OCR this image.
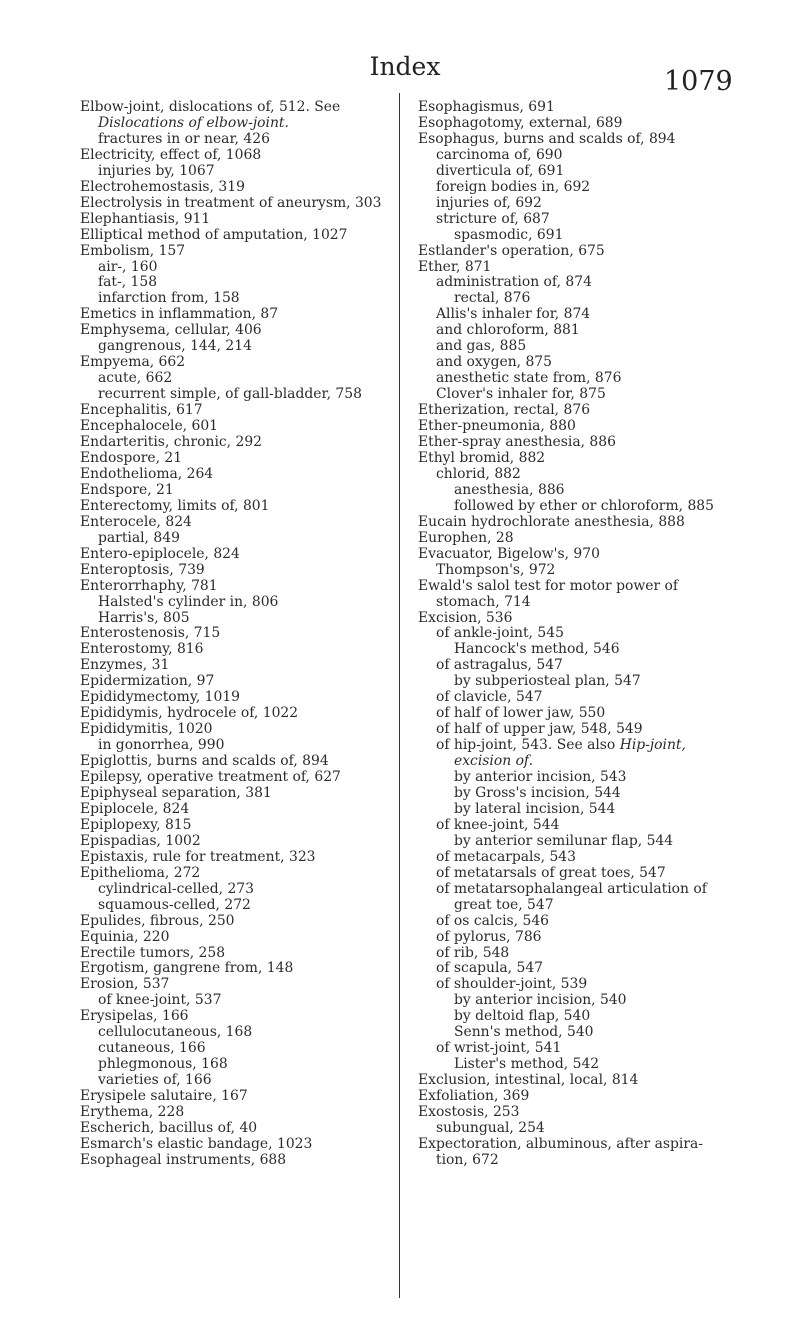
Index	1079
Elbow-joint, dislocations of, 512. See
Dislocations of elbow-joint.
fractures in or near, 426
Electricity, effect of, 1068
injuries by, 1067
Electrohemostasis, 319
Electrolysis in treatment of aneurysm, 303
Elephantiasis, 911
Elliptical method of amputation, 1027
Embolism, 157
air-, 160
fat-, 158
infarction from, 158
Emetics in inflammation, 87
Emphysema, cellular, 406
gangrenous, 144, 214
Empyema, 662
acute, 662
recurrent simple, of gall-bladder, 758
Encephalitis, 617
Encephalocele, 601
Endarteritis, chronic, 292
Endospore, 21
Endothelioma, 264
Endspore, 21
Enterectomy, limits of, 801
Enterocele, 824
partial, 849
Entero-epiplocele, 824
Enteroptosis, 739
Enterorrhaphy, 781
Halsted's cylinder in, 806
Harris's, 805
Enterostenosis, 715
Enterostomy, 816
Enzymes, 31
Epidermization, 97
Epididymectomy, 1019
Epididymis, hydrocele of, 1022
Epididymitis, 1020
in gonorrhea, 990
Epiglottis, burns and scalds of, 894
Epilepsy, operative treatment of, 627
Epiphyseal separation, 381
Epiplocele, 824
Epiplopexy, 815
Epispadias, 1002
Epistaxis, rule for treatment, 323
Epithelioma, 272
cylindrical-celled, 273
squamous-celled, 272
Epulides, fibrous, 250
Equinia, 220
Erectile tumors, 258
Ergotism, gangrene from, 148
Erosion, 537
of knee-joint, 537
Erysipelas, 166
cellulocutaneous, 168
cutaneous, 166
phlegmonous, 168
varieties of, 166
Erysipele salutaire, 167
Erythema, 228
Escherich, bacillus of, 40
Esmarch's elastic bandage, 1023
Esophageal instruments, 688
Esophagismus, 691
Esophagotomy, external, 689
Esophagus, burns and scalds of, 894
carcinoma of, 690
diverticula of, 691
foreign bodies in, 692
injuries of, 692
stricture of, 687
spasmodic, 691
Estlander's operation, 675
Ether, 871
administration of, 874
rectal, 876
Allis's inhaler for, 874
and chloroform, 881
and gas, 885
and oxygen, 875
anesthetic state from, 876
Clover's inhaler for, 875
Etherization, rectal, 876
Ether-pneumonia, 880
Ether-spray anesthesia, 886
Ethyl bromid, 882
chlorid, 882
anesthesia, 886
followed by ether or chloroform, 885
Eucain hydrochlorate anesthesia, 888
Europhen, 28
Evacuator, Bigelow's, 970
Thompson's, 972
Ewald's salol test for motor power of
stomach, 714
Excision, 536
of ankle-joint, 545
Hancock's method, 546
of astragalus, 547
by subperiosteal plan, 547
of clavicle, 547
of half of lower jaw, 550
of half of upper jaw, 548, 549
of hip-joint, 543. See also Hip-joint,
excision of.
by anterior incision, 543
by Gross's incision, 544
by lateral incision, 544
of knee-joint, 544
by anterior semilunar flap, 544
of metacarpals, 543
of metatarsals of great toes, 547
of metatarsophalangeal articulation of
great toe, 547
of os calcis, 546
of pylorus, 786
of rib, 548
of scapula, 547
of shoulder-joint, 539
by anterior incision, 540
by deltoid flap, 540
Senn's method, 540
of wrist-joint, 541
Lister's method, 542
Exclusion, intestinal, local, 814
Exfoliation, 369
Exostosis, 253
subungual, 254
Expectoration, albuminous, after aspira-
tion, 672
